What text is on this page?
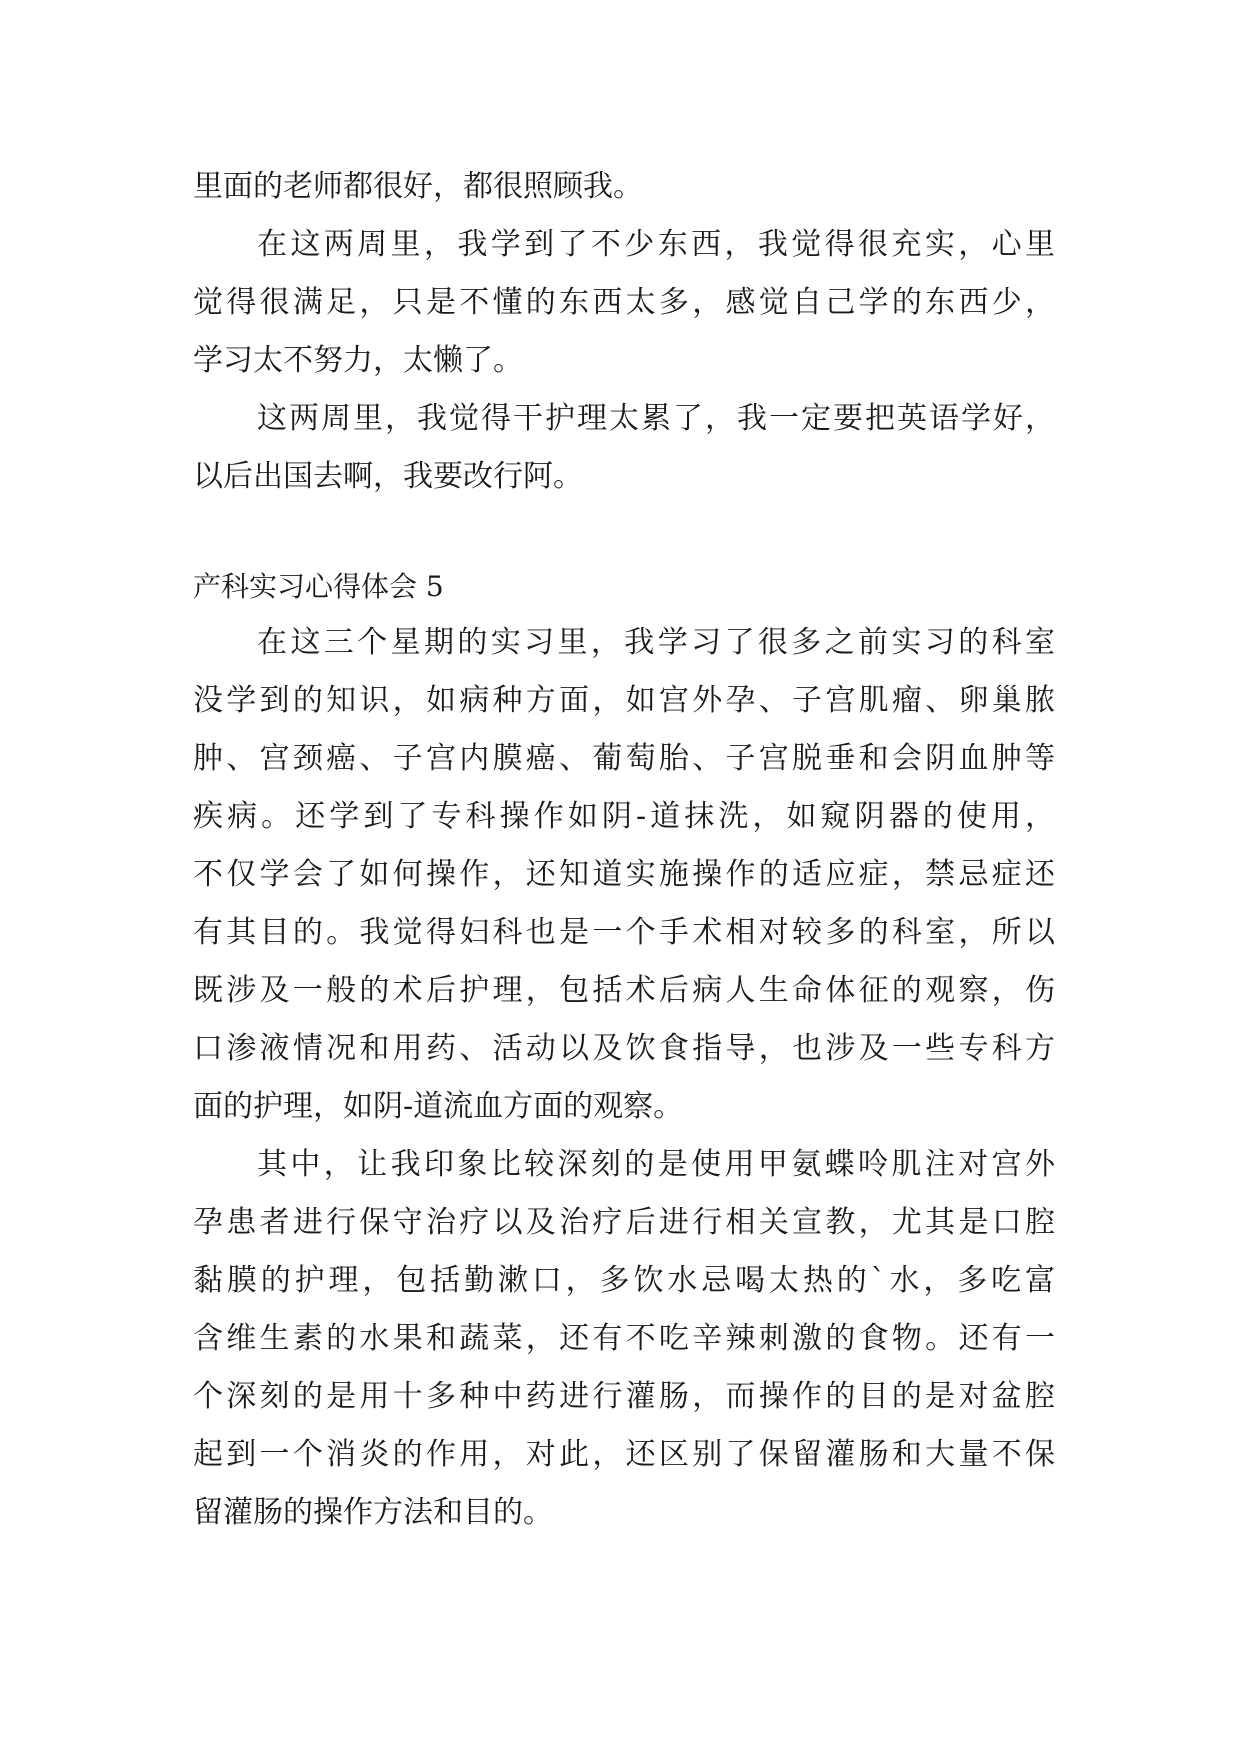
里面的老师都很好，都很照顾我。
在这两周里，我学到了不少东西，我觉得很充实，心里
觉得很满足，只是不懂的东西太多，感觉自己学的东西少，
学习太不努力，太懒了。
这两周里，我觉得干护理太累了，我一定要把英语学好，
以后出国去啊，我要改行阿。
产科实习心得体会 5
在这三个星期的实习里，我学习了很多之前实习的科室
没学到的知识，如病种方面，如宫外孕、子宫肌瘤、卵巢脓
肿、宫颈癌、子宫内膜癌、葡萄胎、子宫脱垂和会阴血肿等
疾病。还学到了专科操作如阴-道抹洗，如窥阴器的使用，
不仅学会了如何操作，还知道实施操作的适应症，禁忌症还
有其目的。我觉得妇科也是一个手术相对较多的科室，所以
既涉及一般的术后护理，包括术后病人生命体征的观察，伤
口渗液情况和用药、活动以及饮食指导，也涉及一些专科方
面的护理，如阴-道流血方面的观察。
其中，让我印象比较深刻的是使用甲氨蝶呤肌注对宫外
孕患者进行保守治疗以及治疗后进行相关宣教，尤其是口腔
黏膜的护理，包括勤漱口，多饮水忌喝太热的`水，多吃富
含维生素的水果和蔬菜，还有不吃辛辣刺激的食物。还有一
个深刻的是用十多种中药进行灌肠，而操作的目的是对盆腔
起到一个消炎的作用，对此，还区别了保留灌肠和大量不保
留灌肠的操作方法和目的。
